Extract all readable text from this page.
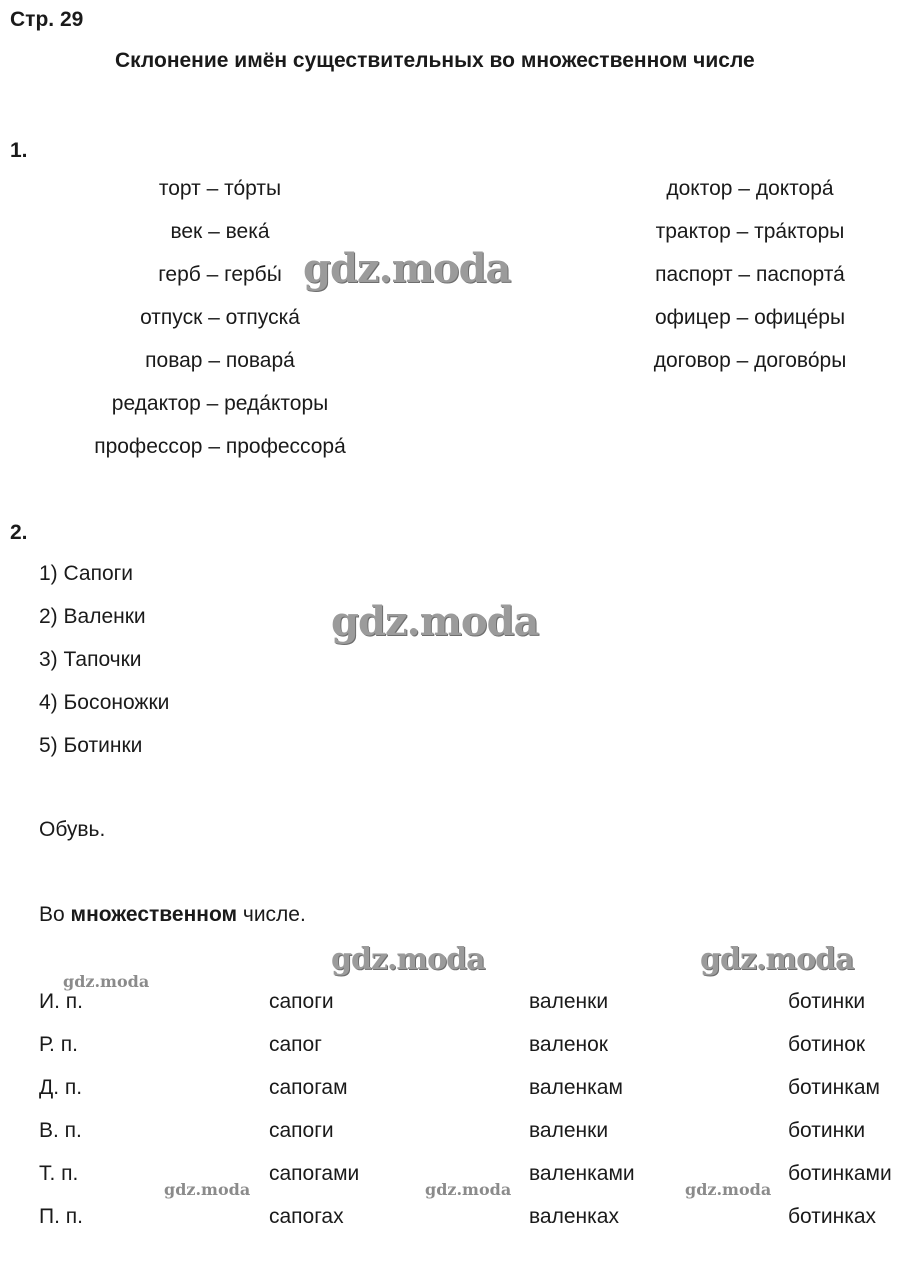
Стр. 29
Склонение имён существительных во множественном числе
1.
торт – то́рты
век – века́
герб – гербы́
отпуск – отпуска́
повар – повара́
редактор – реда́кторы
профессор – профессора́
доктор – доктора́
трактор – тра́кторы
паспорт – паспорта́
офицер – офице́ры
договор – догово́ры
2.
1) Сапоги
2) Валенки
3) Тапочки
4) Босоножки
5) Ботинки
Обувь.
Во множественном числе.
И. п.	сапоги	валенки	ботинки
Р. п.	сапог	валенок	ботинок
Д. п.	сапогам	валенкам	ботинкам
В. п.	сапоги	валенки	ботинки
Т. п.	сапогами	валенками	ботинками
П. п.	сапогах	валенках	ботинках
gdz.moda
gdz.moda
gdz.moda	gdz.moda
gdz.moda
gdz.moda	gdz.moda	gdz.moda
